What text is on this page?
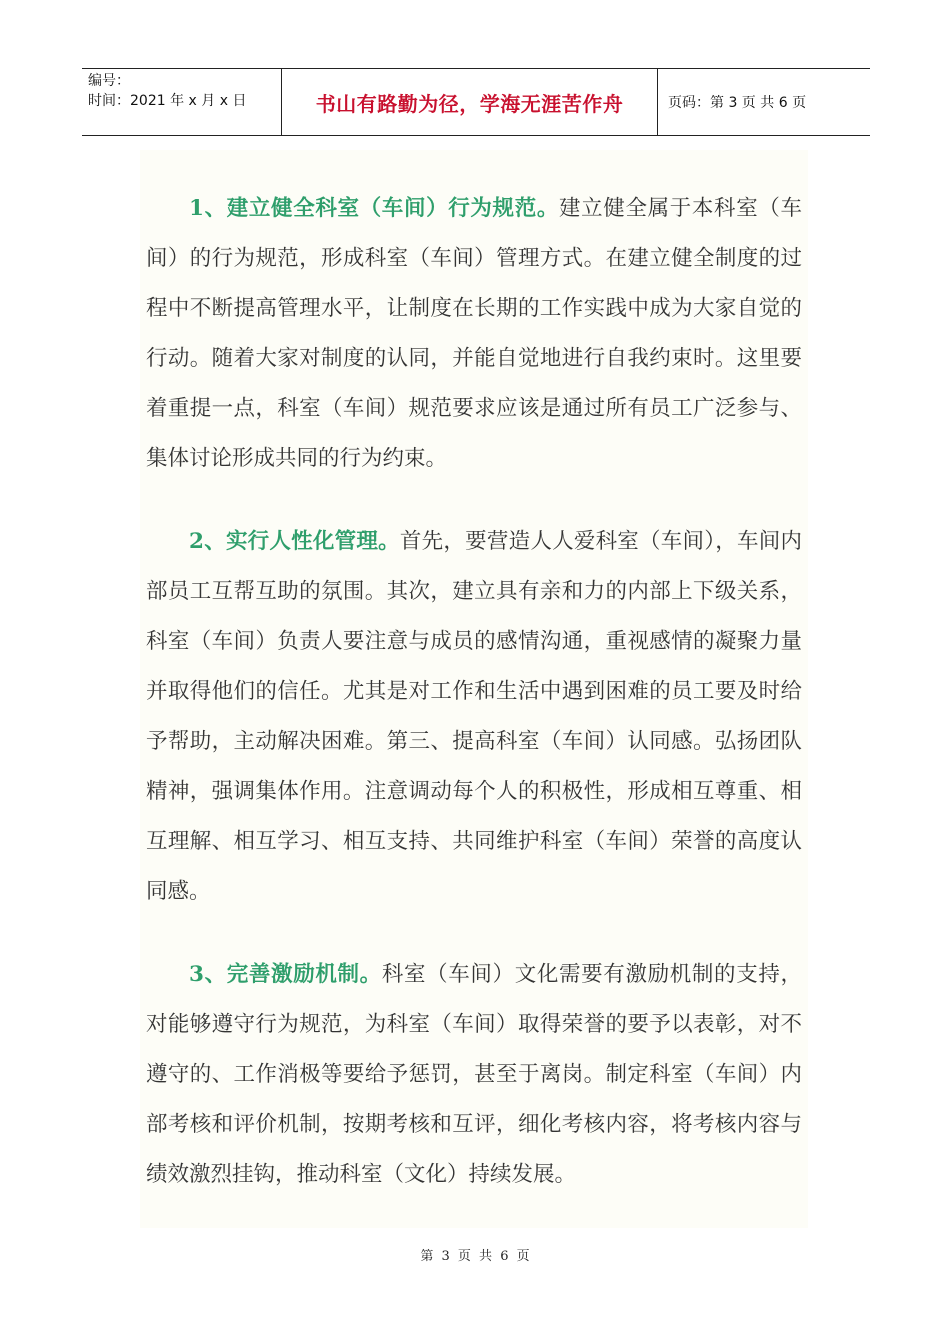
编号：
时间：2021 年 x 月 x 日	书山有路勤为径，学海无涯苦作舟	页码：第 3 页 共 6 页

1、建立健全科室（车间）行为规范。建立健全属于本科室（车间）的行为规范，形成科室（车间）管理方式。在建立健全制度的过程中不断提高管理水平，让制度在长期的工作实践中成为大家自觉的行动。随着大家对制度的认同，并能自觉地进行自我约束时。这里要着重提一点，科室（车间）规范要求应该是通过所有员工广泛参与、集体讨论形成共同的行为约束。

2、实行人性化管理。首先，要营造人人爱科室（车间），车间内部员工互帮互助的氛围。其次，建立具有亲和力的内部上下级关系，科室（车间）负责人要注意与成员的感情沟通，重视感情的凝聚力量并取得他们的信任。尤其是对工作和生活中遇到困难的员工要及时给予帮助，主动解决困难。第三、提高科室（车间）认同感。弘扬团队精神，强调集体作用。注意调动每个人的积极性，形成相互尊重、相互理解、相互学习、相互支持、共同维护科室（车间）荣誉的高度认同感。

3、完善激励机制。科室（车间）文化需要有激励机制的支持，对能够遵守行为规范，为科室（车间）取得荣誉的要予以表彰，对不遵守的、工作消极等要给予惩罚，甚至于离岗。制定科室（车间）内部考核和评价机制，按期考核和互评，细化考核内容，将考核内容与绩效激烈挂钩，推动科室（文化）持续发展。

第 3 页 共 6 页
